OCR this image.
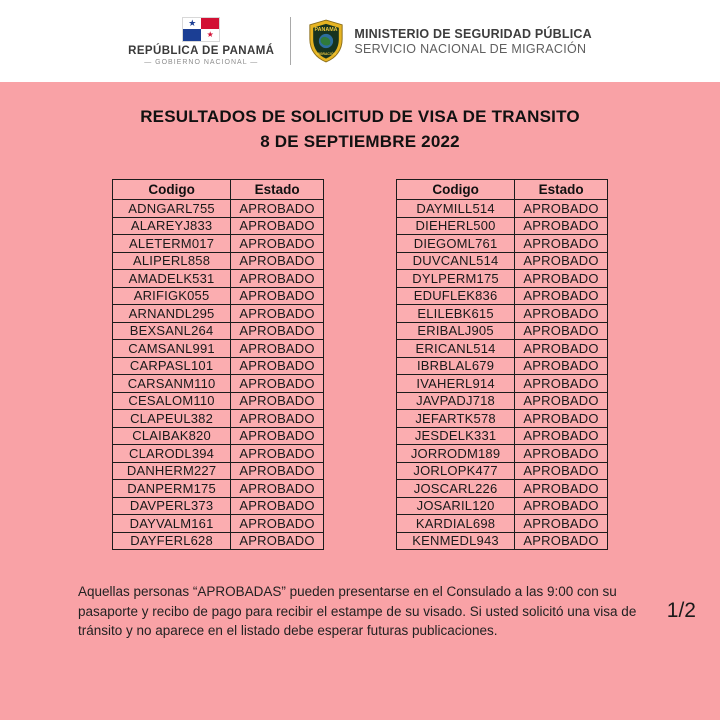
★
★
REPÚBLICA DE PANAMÁ
— GOBIERNO NACIONAL —
PANAMA
MIGRACIÓN
MINISTERIO DE SEGURIDAD PÚBLICA
SERVICIO NACIONAL DE MIGRACIÓN
RESULTADOS DE SOLICITUD DE VISA DE TRANSITO
8 DE SEPTIEMBRE 2022
Codigo	Estado
ADNGARL755	APROBADO
ALAREYJ833	APROBADO
ALETERM017	APROBADO
ALIPERL858	APROBADO
AMADELK531	APROBADO
ARIFIGK055	APROBADO
ARNANDL295	APROBADO
BEXSANL264	APROBADO
CAMSANL991	APROBADO
CARPASL101	APROBADO
CARSANM110	APROBADO
CESALOM110	APROBADO
CLAPEUL382	APROBADO
CLAIBAK820	APROBADO
CLARODL394	APROBADO
DANHERM227	APROBADO
DANPERM175	APROBADO
DAVPERL373	APROBADO
DAYVALM161	APROBADO
DAYFERL628	APROBADO
Codigo	Estado
DAYMILL514	APROBADO
DIEHERL500	APROBADO
DIEGOML761	APROBADO
DUVCANL514	APROBADO
DYLPERM175	APROBADO
EDUFLEK836	APROBADO
ELILEBK615	APROBADO
ERIBALJ905	APROBADO
ERICANL514	APROBADO
IBRBLAL679	APROBADO
IVAHERL914	APROBADO
JAVPADJ718	APROBADO
JEFARTK578	APROBADO
JESDELK331	APROBADO
JORRODM189	APROBADO
JORLOPK477	APROBADO
JOSCARL226	APROBADO
JOSARIL120	APROBADO
KARDIAL698	APROBADO
KENMEDL943	APROBADO
Aquellas personas “APROBADAS” pueden presentarse en el Consulado a las 9:00 con su pasaporte y recibo de pago para recibir el estampe de su visado. Si usted solicitó una visa de tránsito y no aparece en el listado debe esperar futuras publicaciones.
1/2
